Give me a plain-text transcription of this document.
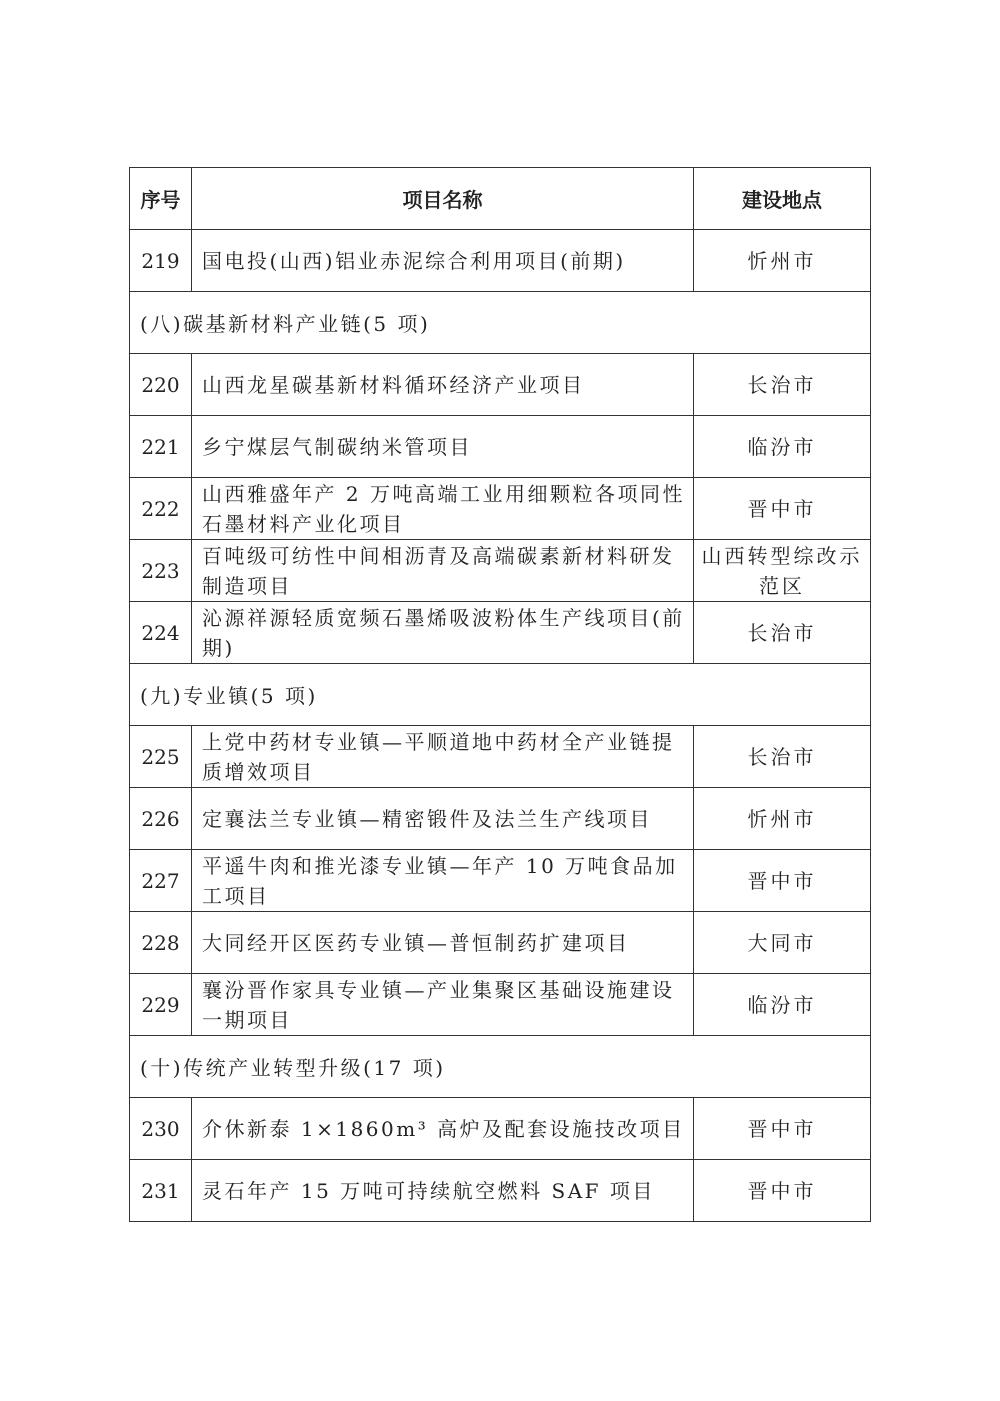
序号	项目名称	建设地点
219	国电投(山西)铝业赤泥综合利用项目(前期)	忻州市
(八)碳基新材料产业链(5 项)		
220	山西龙星碳基新材料循环经济产业项目	长治市
221	乡宁煤层气制碳纳米管项目	临汾市
222	山西雅盛年产 2 万吨高端工业用细颗粒各项同性石墨材料产业化项目	晋中市
223	百吨级可纺性中间相沥青及高端碳素新材料研发制造项目	山西转型综改示范区
224	沁源祥源轻质宽频石墨烯吸波粉体生产线项目(前期)	长治市
(九)专业镇(5 项)		
225	上党中药材专业镇—平顺道地中药材全产业链提质增效项目	长治市
226	定襄法兰专业镇—精密锻件及法兰生产线项目	忻州市
227	平遥牛肉和推光漆专业镇—年产 10 万吨食品加工项目	晋中市
228	大同经开区医药专业镇—普恒制药扩建项目	大同市
229	襄汾晋作家具专业镇—产业集聚区基础设施建设一期项目	临汾市
(十)传统产业转型升级(17 项)		
230	介休新泰 1×1860m³ 高炉及配套设施技改项目	晋中市
231	灵石年产 15 万吨可持续航空燃料 SAF 项目	晋中市
